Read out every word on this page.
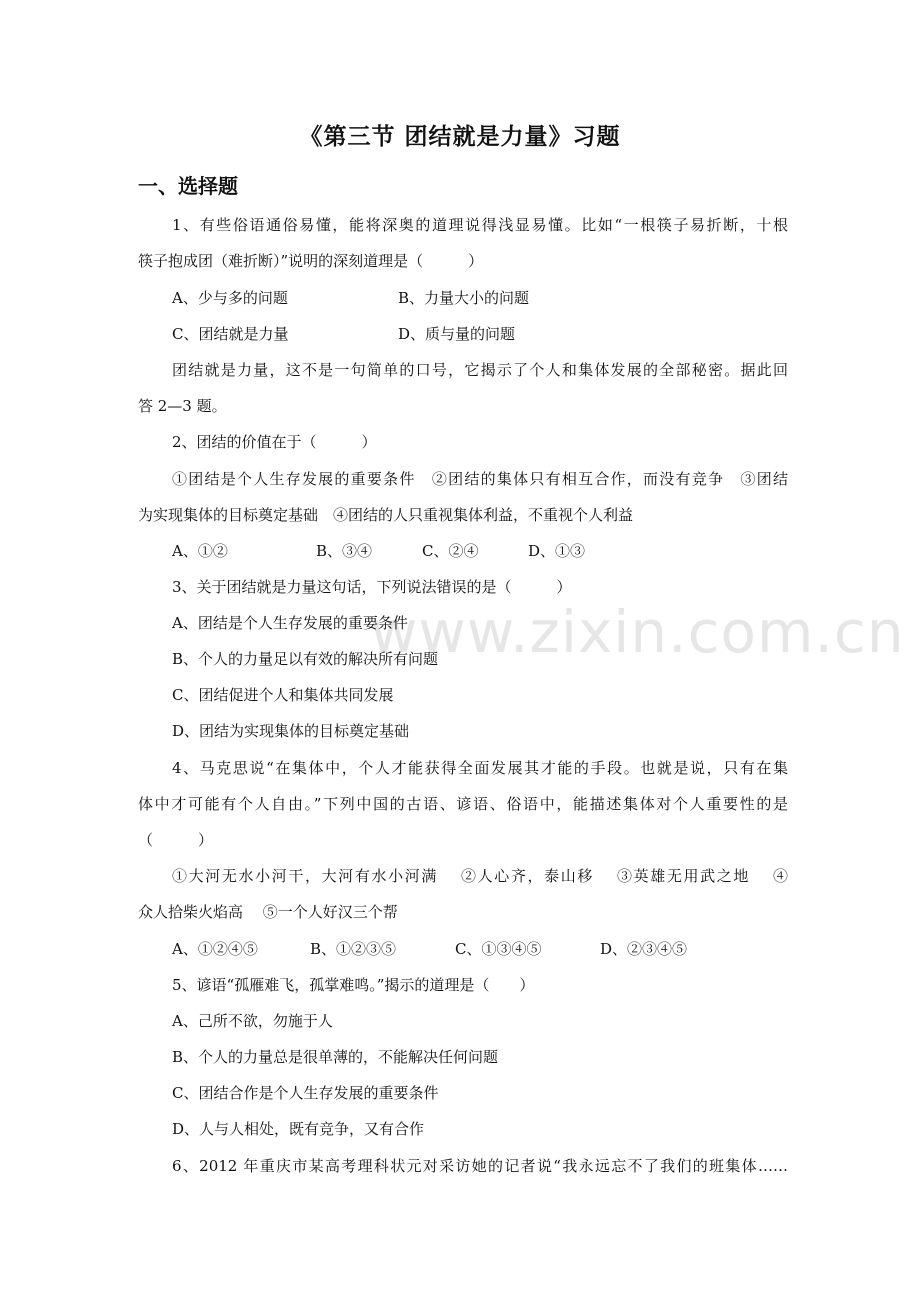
www.zixin.com.cn
《第三节 团结就是力量》习题
一、选择题
1、有些俗语通俗易懂，能将深奥的道理说得浅显易懂。比如“一根筷子易折断，十根
筷子抱成团（难折断）”说明的深刻道理是（　　　）
A、少与多的问题	B、力量大小的问题
C、团结就是力量	D、质与量的问题
团结就是力量，这不是一句简单的口号，它揭示了个人和集体发展的全部秘密。据此回
答 2—3 题。
2、团结的价值在于（　　　）
①团结是个人生存发展的重要条件　②团结的集体只有相互合作，而没有竞争　③团结
为实现集体的目标奠定基础　④团结的人只重视集体利益，不重视个人利益
A、①②	B、③④	C、②④	D、①③
3、关于团结就是力量这句话，下列说法错误的是（　　　）
A、团结是个人生存发展的重要条件
B、个人的力量足以有效的解决所有问题
C、团结促进个人和集体共同发展
D、团结为实现集体的目标奠定基础
4、马克思说“在集体中，个人才能获得全面发展其才能的手段。也就是说，只有在集
体中才可能有个人自由。”下列中国的古语、谚语、俗语中，能描述集体对个人重要性的是
（　　　）
①大河无水小河干，大河有水小河满　 ②人心齐，泰山移　 ③英雄无用武之地　 ④
众人拾柴火焰高　 ⑤一个人好汉三个帮
A、①②④⑤	B、①②③⑤	C、①③④⑤	D、②③④⑤
5、谚语“孤雁难飞，孤掌难鸣。”揭示的道理是（　　）
A、己所不欲，勿施于人
B、个人的力量总是很单薄的，不能解决任何问题
C、团结合作是个人生存发展的重要条件
D、人与人相处，既有竞争，又有合作
6、2012 年重庆市某高考理科状元对采访她的记者说“我永远忘不了我们的班集体……
